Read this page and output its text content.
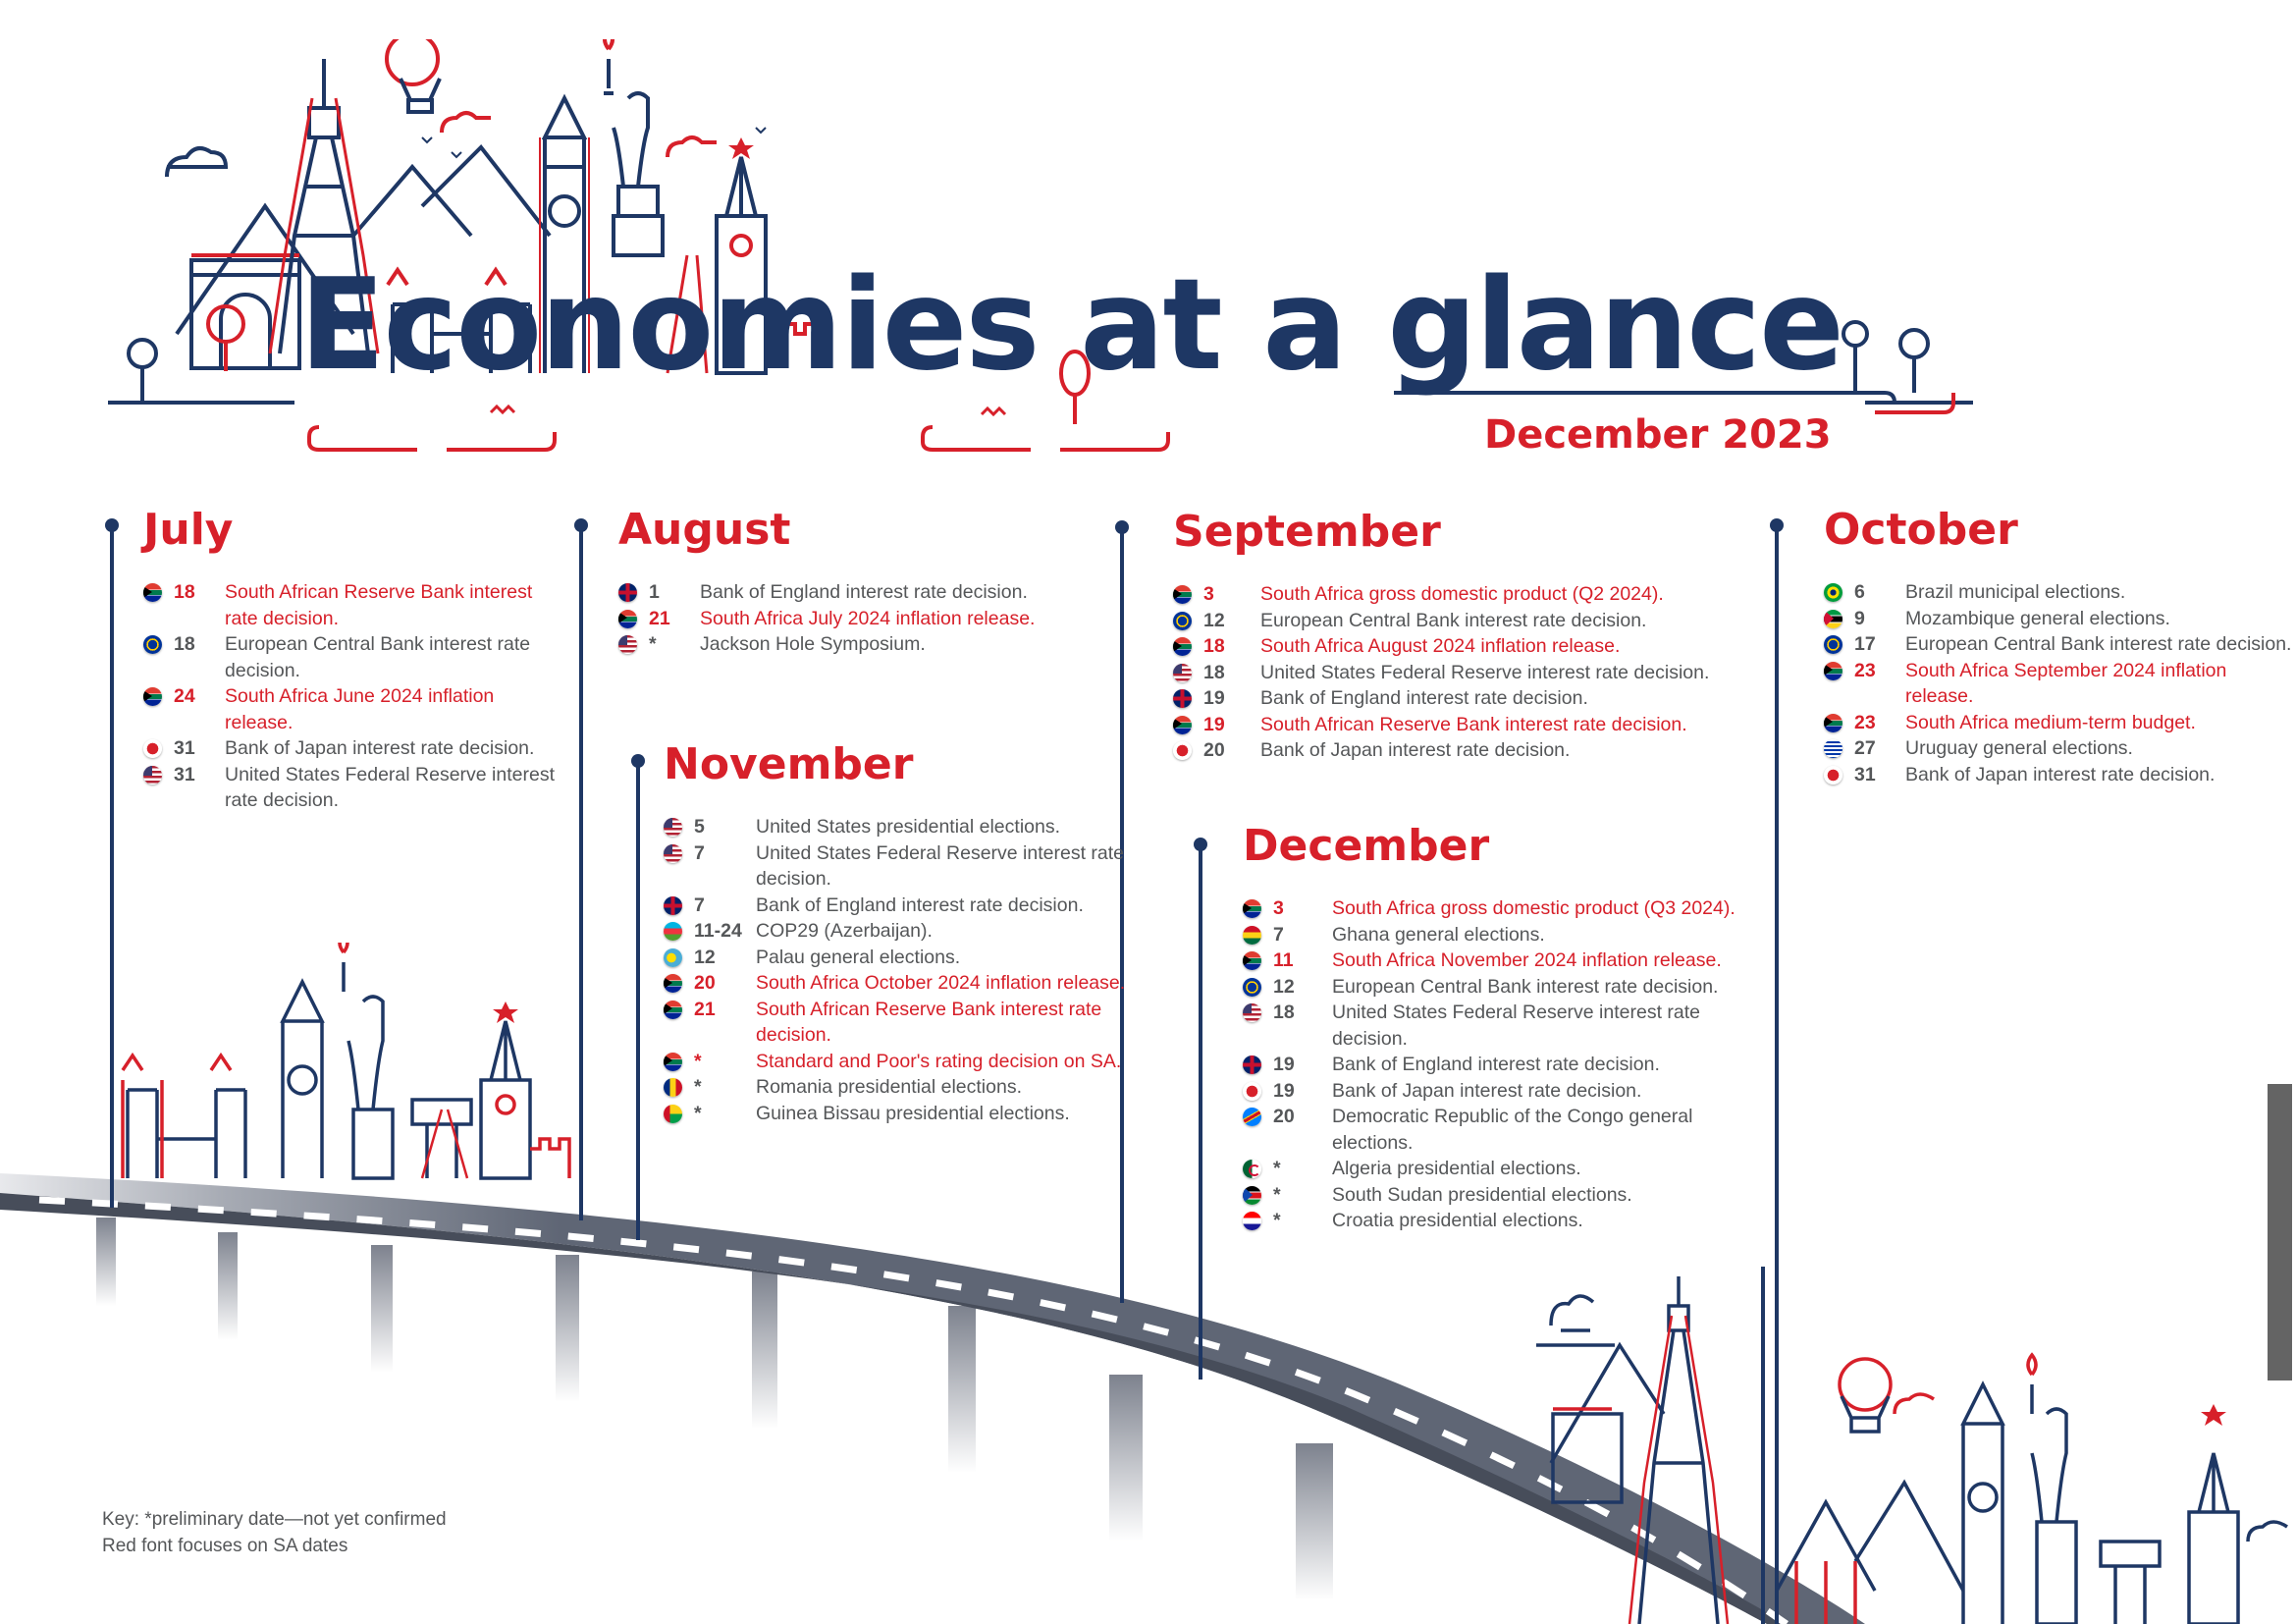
Economies at a glance
December 2023
July
18	South African Reserve Bank interest rate decision.
18	European Central Bank interest rate decision.
24	South Africa June 2024 inflation release.
31	Bank of Japan interest rate decision.
31	United States Federal Reserve interest rate decision.
August
1	Bank of England interest rate decision.
21	South Africa July 2024 inflation release.
*	Jackson Hole Symposium.
September
3	South Africa gross domestic product (Q2 2024).
12	European Central Bank interest rate decision.
18	South Africa August 2024 inflation release.
18	United States Federal Reserve interest rate decision.
19	Bank of England interest rate decision.
19	South African Reserve Bank interest rate decision.
20	Bank of Japan interest rate decision.
October
6	Brazil municipal elections.
9	Mozambique general elections.
17	European Central Bank interest rate decision.
23	South Africa September 2024 inflation release.
23	South Africa medium-term budget.
27	Uruguay general elections.
31	Bank of Japan interest rate decision.
November
5	United States presidential elections.
7	United States Federal Reserve interest rate decision.
7	Bank of England interest rate decision.
11-24 COP29 (Azerbaijan).
12	Palau general elections.
20	South Africa October 2024 inflation release.
21	South African Reserve Bank interest rate decision.
*	Standard and Poor's rating decision on SA.
*	Romania presidential elections.
*	Guinea Bissau presidential elections.
December
3	South Africa gross domestic product (Q3 2024).
7	Ghana general elections.
11	South Africa November 2024 inflation release.
12	European Central Bank interest rate decision.
18	United States Federal Reserve interest rate decision.
19	Bank of England interest rate decision.
19	Bank of Japan interest rate decision.
20	Democratic Republic of the Congo general elections.
*	Algeria presidential elections.
*	South Sudan presidential elections.
*	Croatia presidential elections.
Key: *preliminary date—not yet confirmed
Red font focuses on SA dates
